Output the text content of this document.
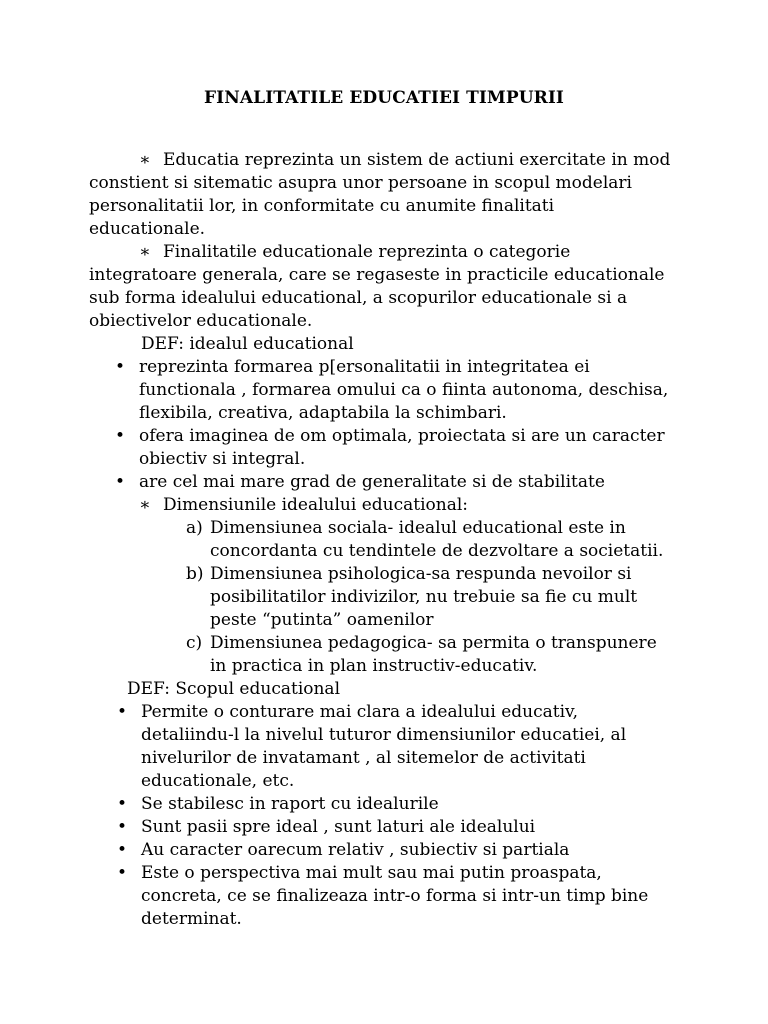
FINALITATILE EDUCATIEI TIMPURII
∗ Educatia reprezinta un sistem de actiuni exercitate in mod
constient si sitematic asupra unor persoane in scopul modelari
personalitatii lor, in conformitate cu anumite finalitati
educationale.
∗ Finalitatile educationale reprezinta o categorie
integratoare generala, care se regaseste in practicile educationale
sub forma idealului educational, a scopurilor educationale si a
obiectivelor educationale.
DEF: idealul educational
• reprezinta formarea p[ersonalitatii in integritatea ei
functionala , formarea omului ca o fiinta autonoma, deschisa,
flexibila, creativa, adaptabila la schimbari.
• ofera imaginea de om optimala, proiectata si are un caracter
obiectiv si integral.
• are cel mai mare grad de generalitate si de stabilitate
∗ Dimensiunile idealului educational:
a) Dimensiunea sociala- idealul educational este in
concordanta cu tendintele de dezvoltare a societatii.
b) Dimensiunea psihologica-sa respunda nevoilor si
posibilitatilor indivizilor, nu trebuie sa fie cu mult
peste “putinta” oamenilor
c) Dimensiunea pedagogica- sa permita o transpunere
in practica in plan instructiv-educativ.
DEF: Scopul educational
• Permite o conturare mai clara a idealului educativ,
detaliindu-l la nivelul tuturor dimensiunilor educatiei, al
nivelurilor de invatamant , al sitemelor de activitati
educationale, etc.
• Se stabilesc in raport cu idealurile
• Sunt pasii spre ideal , sunt laturi ale idealului
• Au caracter oarecum relativ , subiectiv si partiala
• Este o perspectiva mai mult sau mai putin proaspata,
concreta, ce se finalizeaza intr-o forma si intr-un timp bine
determinat.
